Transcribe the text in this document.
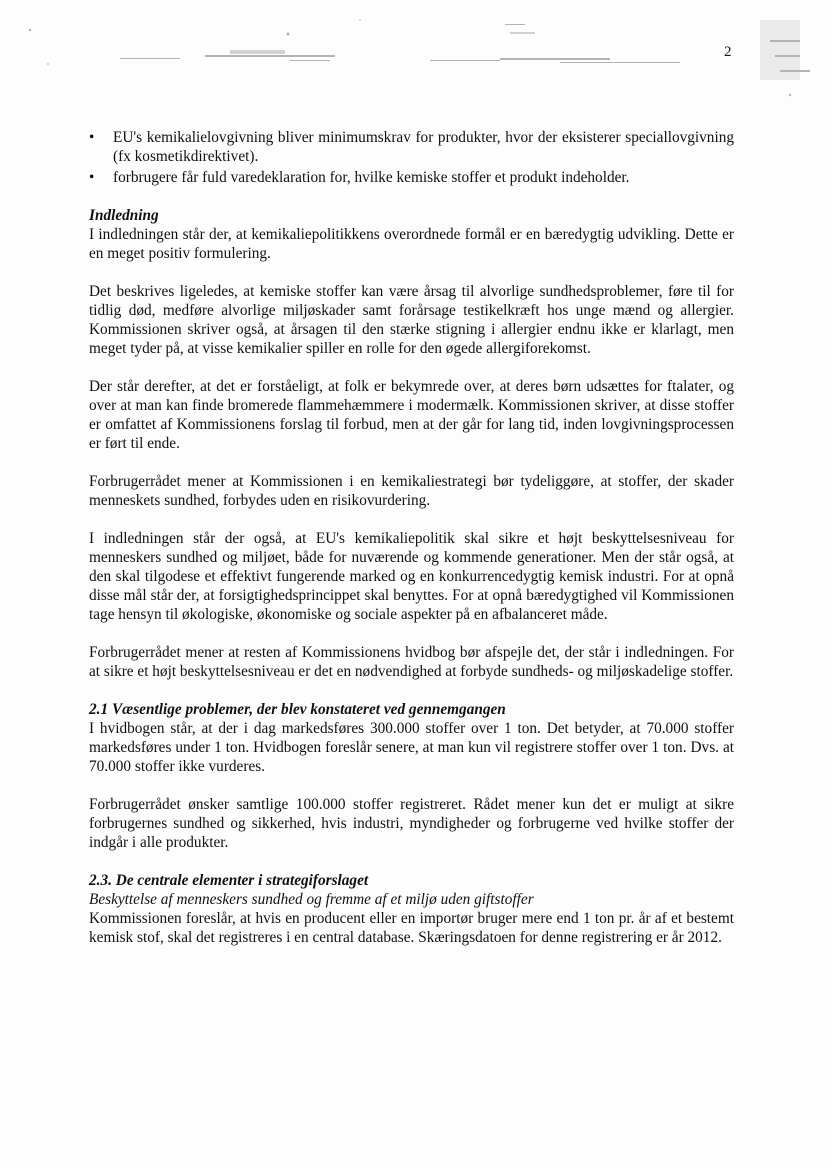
2
• EU's kemikalielovgivning bliver minimumskrav for produkter, hvor der eksisterer speciallovgivning (fx kosmetikdirektivet).
• forbrugere får fuld varedeklaration for, hvilke kemiske stoffer et produkt indeholder.
Indledning

I indledningen står der, at kemikaliepolitikkens overordnede formål er en bæredygtig udvikling. Dette er en meget positiv formulering.

Det beskrives ligeledes, at kemiske stoffer kan være årsag til alvorlige sundhedsproblemer, føre til for tidlig død, medføre alvorlige miljøskader samt forårsage testikelkræft hos unge mænd og allergier. Kommissionen skriver også, at årsagen til den stærke stigning i allergier endnu ikke er klarlagt, men meget tyder på, at visse kemikalier spiller en rolle for den øgede allergiforekomst.

Der står derefter, at det er forståeligt, at folk er bekymrede over, at deres børn udsættes for ftalater, og over at man kan finde bromerede flammehæmmere i modermælk. Kommissionen skriver, at disse stoffer er omfattet af Kommissionens forslag til forbud, men at der går for lang tid, inden lovgivningsprocessen er ført til ende.

Forbrugerrådet mener at Kommissionen i en kemikaliestrategi bør tydeliggøre, at stoffer, der skader menneskets sundhed, forbydes uden en risikovurdering.

I indledningen står der også, at EU's kemikaliepolitik skal sikre et højt beskyttelsesniveau for menneskers sundhed og miljøet, både for nuværende og kommende generationer. Men der står også, at den skal tilgodese et effektivt fungerende marked og en konkurrencedygtig kemisk industri. For at opnå disse mål står der, at forsigtighedsprincippet skal benyttes. For at opnå bæredygtighed vil Kommissionen tage hensyn til økologiske, økonomiske og sociale aspekter på en afbalanceret måde.

Forbrugerrådet mener at resten af Kommissionens hvidbog bør afspejle det, der står i indledningen. For at sikre et højt beskyttelsesniveau er det en nødvendighed at forbyde sundheds- og miljøskadelige stoffer.

2.1 Væsentlige problemer, der blev konstateret ved gennemgangen

I hvidbogen står, at der i dag markedsføres 300.000 stoffer over 1 ton. Det betyder, at 70.000 stoffer markedsføres under 1 ton. Hvidbogen foreslår senere, at man kun vil registrere stoffer over 1 ton. Dvs. at 70.000 stoffer ikke vurderes.

Forbrugerrådet ønsker samtlige 100.000 stoffer registreret. Rådet mener kun det er muligt at sikre forbrugernes sundhed og sikkerhed, hvis industri, myndigheder og forbrugerne ved hvilke stoffer der indgår i alle produkter.

2.3. De centrale elementer i strategiforslaget
Beskyttelse af menneskers sundhed og fremme af et miljø uden giftstoffer

Kommissionen foreslår, at hvis en producent eller en importør bruger mere end 1 ton pr. år af et bestemt kemisk stof, skal det registreres i en central database. Skæringsdatoen for denne registrering er år 2012.
